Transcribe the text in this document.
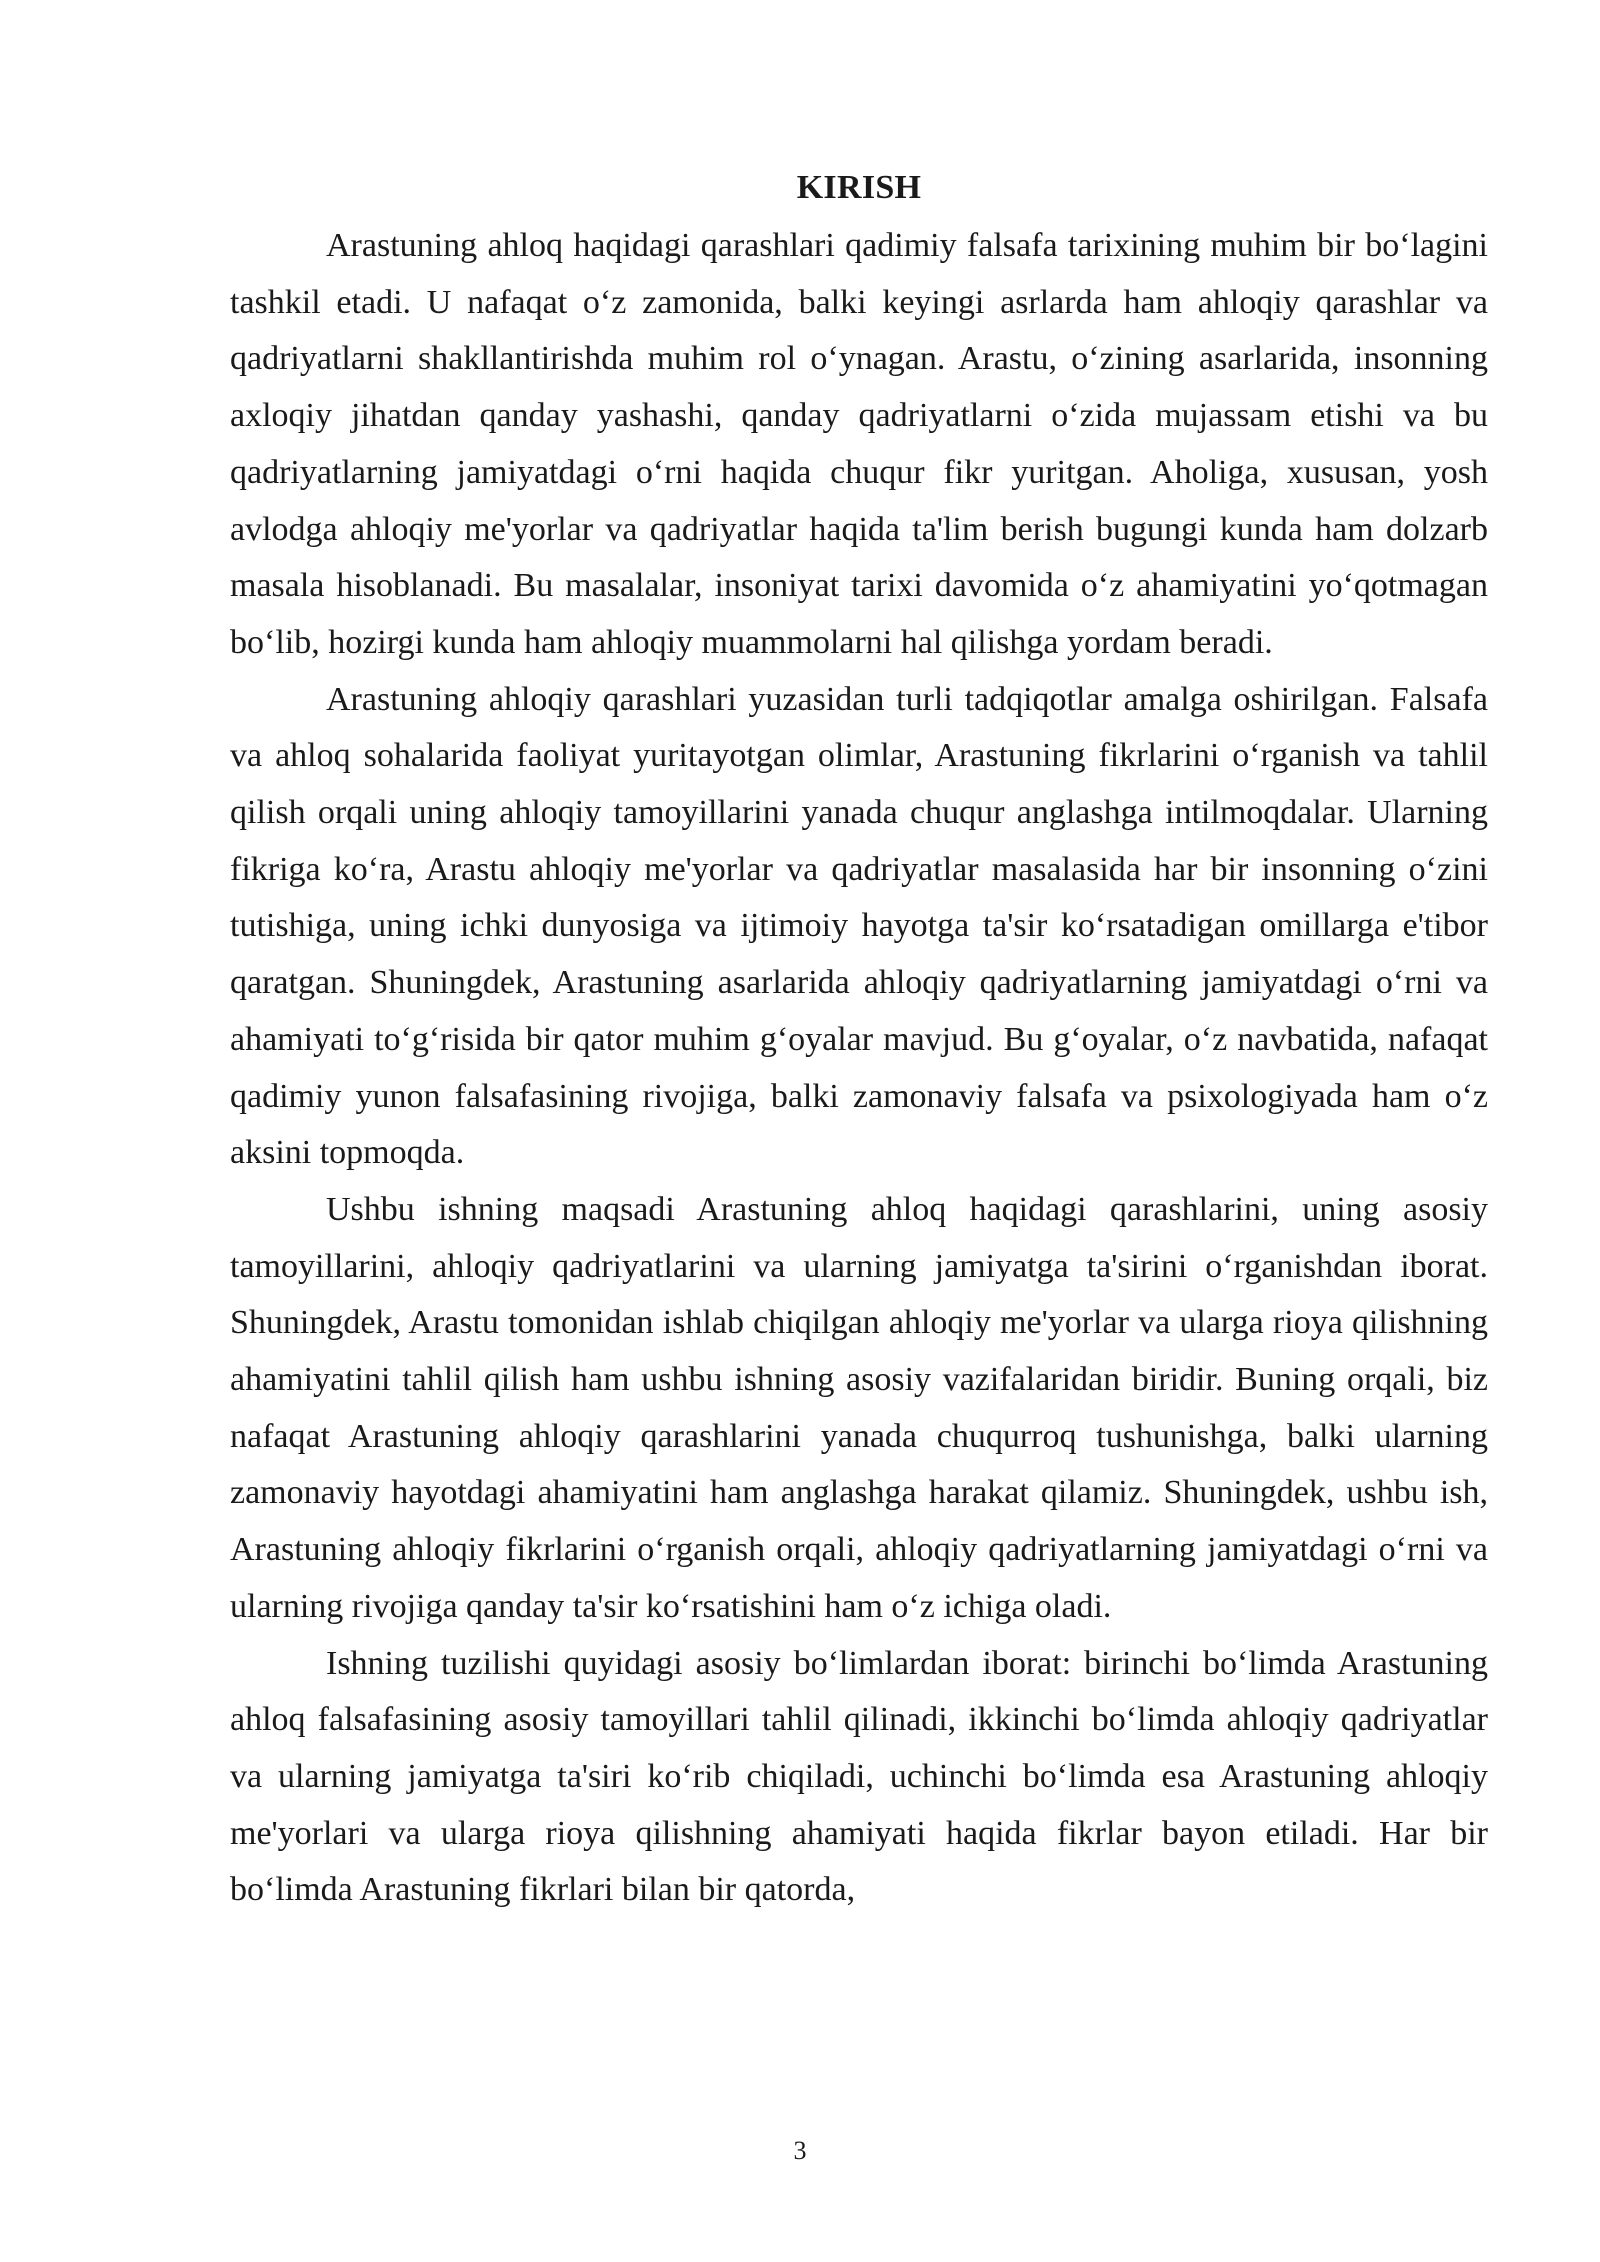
KIRISH

Arastuning ahloq haqidagi qarashlari qadimiy falsafa tarixining muhim bir bo‘lagini tashkil etadi. U nafaqat o‘z zamonida, balki keyingi asrlarda ham ahloqiy qarashlar va qadriyatlarni shakllantirishda muhim rol o‘ynagan. Arastu, o‘zining asarlarida, insonning axloqiy jihatdan qanday yashashi, qanday qadriyatlarni o‘zida mujassam etishi va bu qadriyatlarning jamiyatdagi o‘rni haqida chuqur fikr yuritgan. Aholiga, xususan, yosh avlodga ahloqiy me'yorlar va qadriyatlar haqida ta'lim berish bugungi kunda ham dolzarb masala hisoblanadi. Bu masalalar, insoniyat tarixi davomida o‘z ahamiyatini yo‘qotmagan bo‘lib, hozirgi kunda ham ahloqiy muammolarni hal qilishga yordam beradi.

Arastuning ahloqiy qarashlari yuzasidan turli tadqiqotlar amalga oshirilgan. Falsafa va ahloq sohalarida faoliyat yuritayotgan olimlar, Arastuning fikrlarini o‘rganish va tahlil qilish orqali uning ahloqiy tamoyillarini yanada chuqur anglashga intilmoqdalar. Ularning fikriga ko‘ra, Arastu ahloqiy me'yorlar va qadriyatlar masalasida har bir insonning o‘zini tutishiga, uning ichki dunyosiga va ijtimoiy hayotga ta'sir ko‘rsatadigan omillarga e'tibor qaratgan. Shuningdek, Arastuning asarlarida ahloqiy qadriyatlarning jamiyatdagi o‘rni va ahamiyati to‘g‘risida bir qator muhim g‘oyalar mavjud. Bu g‘oyalar, o‘z navbatida, nafaqat qadimiy yunon falsafasining rivojiga, balki zamonaviy falsafa va psixologiyada ham o‘z aksini topmoqda.

Ushbu ishning maqsadi Arastuning ahloq haqidagi qarashlarini, uning asosiy tamoyillarini, ahloqiy qadriyatlarini va ularning jamiyatga ta'sirini o‘rganishdan iborat. Shuningdek, Arastu tomonidan ishlab chiqilgan ahloqiy me'yorlar va ularga rioya qilishning ahamiyatini tahlil qilish ham ushbu ishning asosiy vazifalaridan biridir. Buning orqali, biz nafaqat Arastuning ahloqiy qarashlarini yanada chuqurroq tushunishga, balki ularning zamonaviy hayotdagi ahamiyatini ham anglashga harakat qilamiz. Shuningdek, ushbu ish, Arastuning ahloqiy fikrlarini o‘rganish orqali, ahloqiy qadriyatlarning jamiyatdagi o‘rni va ularning rivojiga qanday ta'sir ko‘rsatishini ham o‘z ichiga oladi.

Ishning tuzilishi quyidagi asosiy bo‘limlardan iborat: birinchi bo‘limda Arastuning ahloq falsafasining asosiy tamoyillari tahlil qilinadi, ikkinchi bo‘limda ahloqiy qadriyatlar va ularning jamiyatga ta'siri ko‘rib chiqiladi, uchinchi bo‘limda esa Arastuning ahloqiy me'yorlari va ularga rioya qilishning ahamiyati haqida fikrlar bayon etiladi. Har bir bo‘limda Arastuning fikrlari bilan bir qatorda,

3
